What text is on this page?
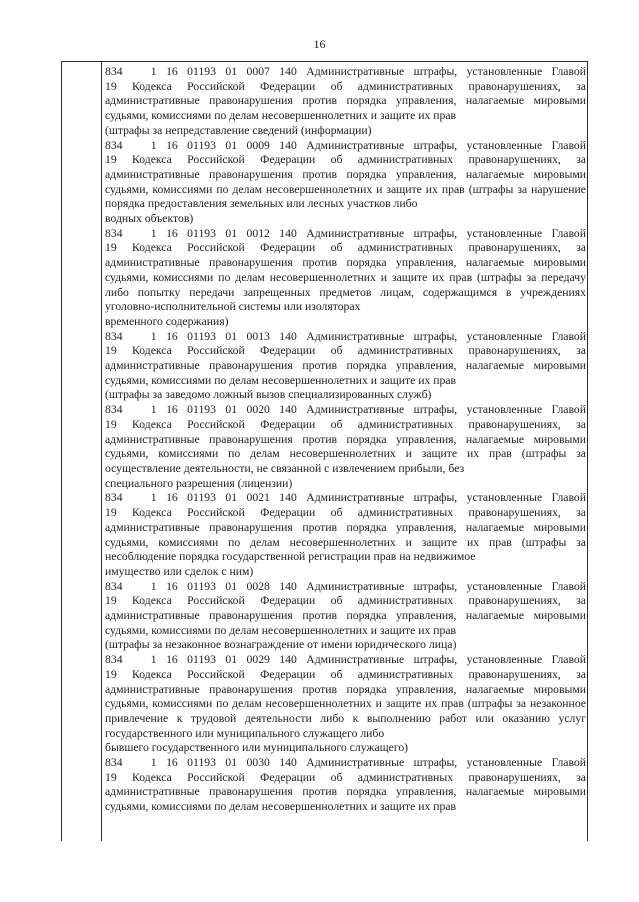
16
834   1 16 01193 01 0007 140 Административные штрафы, установленные Главой
19 Кодекса Российской Федерации об административных правонарушениях, за административные правонарушения против порядка управления, налагаемые мировыми судьями, комиссиями по делам несовершеннолетних и защите их прав
(штрафы за непредставление сведений (информации)
834   1 16 01193 01 0009 140 Административные штрафы, установленные Главой
19 Кодекса Российской Федерации об административных правонарушениях, за административные правонарушения против порядка управления, налагаемые мировыми судьями, комиссиями по делам несовершеннолетних и защите их прав (штрафы за нарушение порядка предоставления земельных или лесных участков либо
водных объектов)
834   1 16 01193 01 0012 140 Административные штрафы, установленные Главой
19 Кодекса Российской Федерации об административных правонарушениях, за административные правонарушения против порядка управления, налагаемые мировыми судьями, комиссиями по делам несовершеннолетних и защите их прав (штрафы за передачу либо попытку передачи запрещенных предметов лицам, содержащимся в учреждениях уголовно-исполнительной системы или изоляторах
временного содержания)
834   1 16 01193 01 0013 140 Административные штрафы, установленные Главой
19 Кодекса Российской Федерации об административных правонарушениях, за административные правонарушения против порядка управления, налагаемые мировыми судьями, комиссиями по делам несовершеннолетних и защите их прав
(штрафы за заведомо ложный вызов специализированных служб)
834   1 16 01193 01 0020 140 Административные штрафы, установленные Главой
19 Кодекса Российской Федерации об административных правонарушениях, за административные правонарушения против порядка управления, налагаемые мировыми судьями, комиссиями по делам несовершеннолетних и защите их прав (штрафы за осуществление деятельности, не связанной с извлечением прибыли, без
специального разрешения (лицензии)
834   1 16 01193 01 0021 140 Административные штрафы, установленные Главой
19 Кодекса Российской Федерации об административных правонарушениях, за административные правонарушения против порядка управления, налагаемые мировыми судьями, комиссиями по делам несовершеннолетних и защите их прав (штрафы за несоблюдение порядка государственной регистрации прав на недвижимое
имущество или сделок с ним)
834   1 16 01193 01 0028 140 Административные штрафы, установленные Главой
19 Кодекса Российской Федерации об административных правонарушениях, за административные правонарушения против порядка управления, налагаемые мировыми судьями, комиссиями по делам несовершеннолетних и защите их прав
(штрафы за незаконное вознаграждение от имени юридического лица)
834   1 16 01193 01 0029 140 Административные штрафы, установленные Главой
19 Кодекса Российской Федерации об административных правонарушениях, за административные правонарушения против порядка управления, налагаемые мировыми судьями, комиссиями по делам несовершеннолетних и защите их прав (штрафы за незаконное привлечение к трудовой деятельности либо к выполнению работ или оказанию услуг государственного или муниципального служащего либо
бывшего государственного или муниципального служащего)
834   1 16 01193 01 0030 140 Административные штрафы, установленные Главой
19 Кодекса Российской Федерации об административных правонарушениях, за административные правонарушения против порядка управления, налагаемые мировыми судьями, комиссиями по делам несовершеннолетних и защите их прав
